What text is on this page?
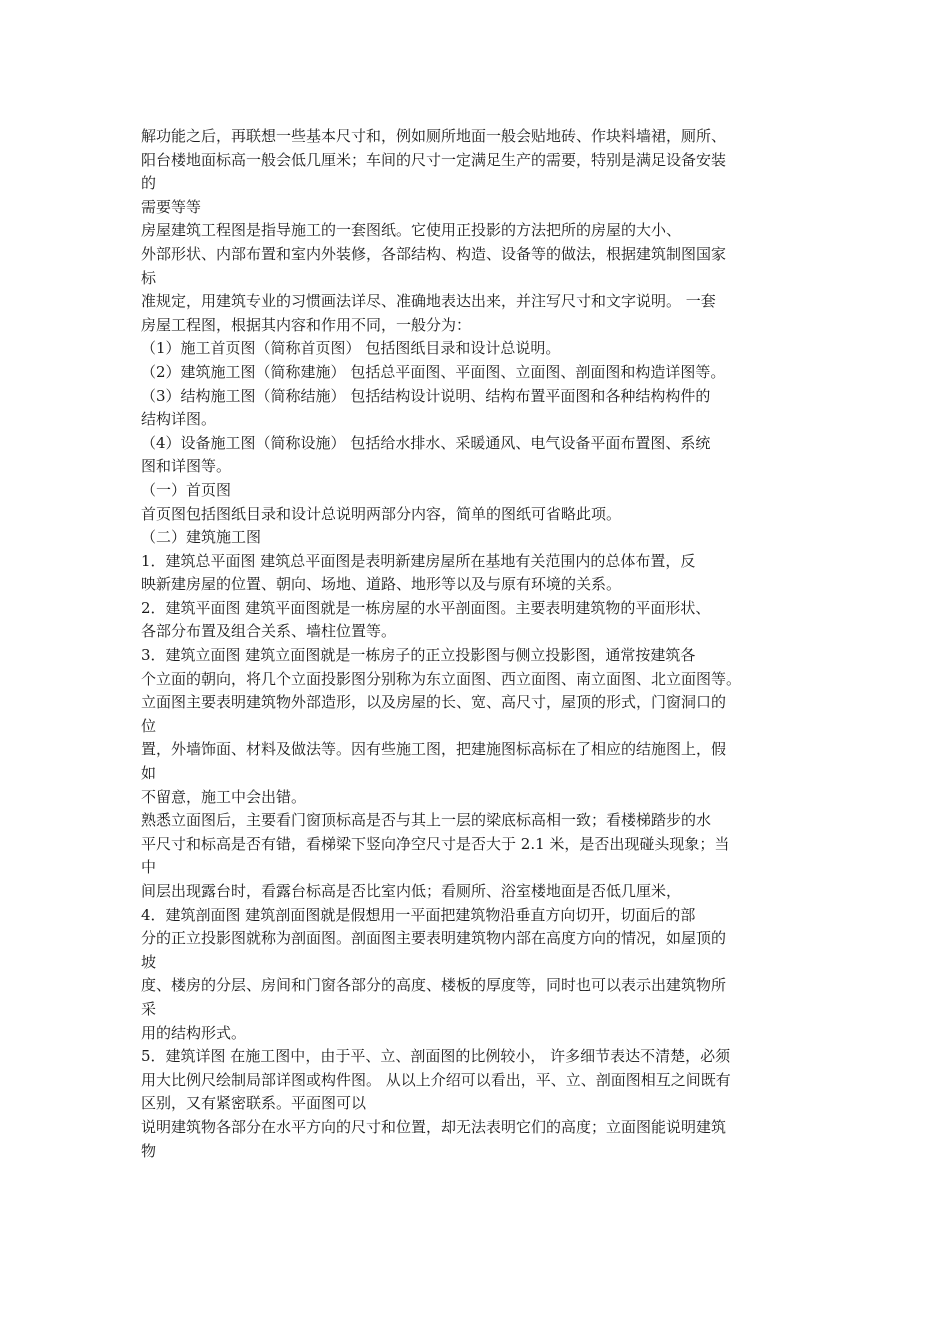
解功能之后，再联想一些基本尺寸和，例如厕所地面一般会贴地砖、作块料墙裙，厕所、
阳台楼地面标高一般会低几厘米；车间的尺寸一定满足生产的需要，特别是满足设备安装
的
需要等等
房屋建筑工程图是指导施工的一套图纸。它使用正投影的方法把所的房屋的大小、
外部形状、内部布置和室内外装修，各部结构、构造、设备等的做法，根据建筑制图国家
标
准规定，用建筑专业的习惯画法详尽、准确地表达出来，并注写尺寸和文字说明。 一套
房屋工程图，根据其内容和作用不同，一般分为：
（1）施工首页图（简称首页图） 包括图纸目录和设计总说明。
（2）建筑施工图（简称建施） 包括总平面图、平面图、立面图、剖面图和构造详图等。
（3）结构施工图（简称结施） 包括结构设计说明、结构布置平面图和各种结构构件的
结构详图。
（4）设备施工图（简称设施） 包括给水排水、采暖通风、电气设备平面布置图、系统
图和详图等。
（一）首页图
首页图包括图纸目录和设计总说明两部分内容，简单的图纸可省略此项。
（二）建筑施工图
1．建筑总平面图 建筑总平面图是表明新建房屋所在基地有关范围内的总体布置，反
映新建房屋的位置、朝向、场地、道路、地形等以及与原有环境的关系。
2．建筑平面图 建筑平面图就是一栋房屋的水平剖面图。主要表明建筑物的平面形状、
各部分布置及组合关系、墙柱位置等。
3．建筑立面图 建筑立面图就是一栋房子的正立投影图与侧立投影图，通常按建筑各
个立面的朝向，将几个立面投影图分别称为东立面图、西立面图、南立面图、北立面图等。
立面图主要表明建筑物外部造形，以及房屋的长、宽、高尺寸，屋顶的形式，门窗洞口的
位
置，外墙饰面、材料及做法等。因有些施工图，把建施图标高标在了相应的结施图上，假
如
不留意，施工中会出错。
熟悉立面图后，主要看门窗顶标高是否与其上一层的梁底标高相一致；看楼梯踏步的水
平尺寸和标高是否有错，看梯梁下竖向净空尺寸是否大于 2.1 米，是否出现碰头现象；当
中
间层出现露台时，看露台标高是否比室内低；看厕所、浴室楼地面是否低几厘米，
4．建筑剖面图 建筑剖面图就是假想用一平面把建筑物沿垂直方向切开，切面后的部
分的正立投影图就称为剖面图。剖面图主要表明建筑物内部在高度方向的情况，如屋顶的
坡
度、楼房的分层、房间和门窗各部分的高度、楼板的厚度等，同时也可以表示出建筑物所
采
用的结构形式。
5．建筑详图 在施工图中，由于平、立、剖面图的比例较小， 许多细节表达不清楚，必须
用大比例尺绘制局部详图或构件图。 从以上介绍可以看出，平、立、剖面图相互之间既有
区别，又有紧密联系。平面图可以
说明建筑物各部分在水平方向的尺寸和位置，却无法表明它们的高度；立面图能说明建筑
物
